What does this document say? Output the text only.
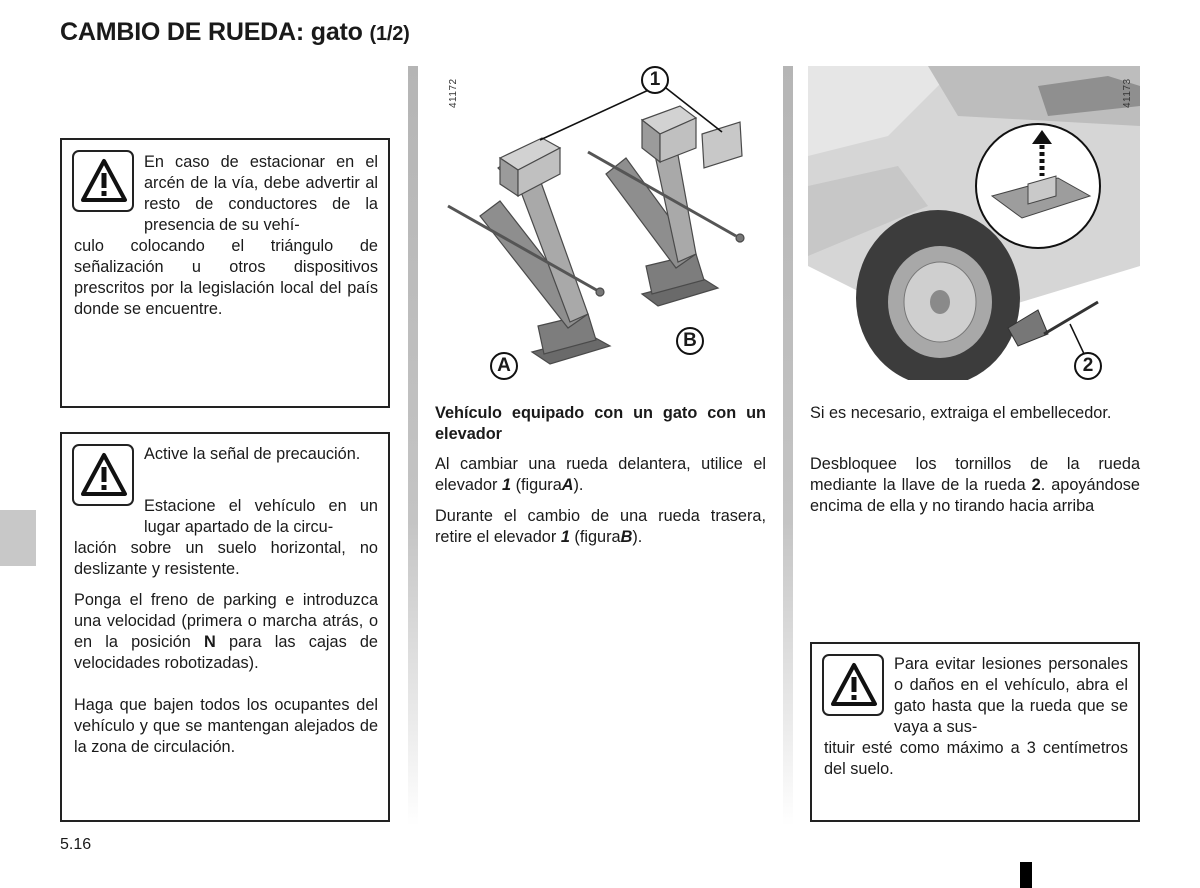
CAMBIO DE RUEDA: gato (1/2)
En caso de estacionar en el arcén de la vía, debe advertir al resto de conductores de la presencia de su vehí-
culo colocando el triángulo de señalización u otros dispositivos prescritos por la legislación local del país donde se encuentre.
Active la señal de precaución.
Estacione el vehículo en un lugar apartado de la circu-
lación sobre un suelo horizontal, no deslizante y resistente.
Ponga el freno de parking e introduzca una velocidad (primera o marcha atrás, o en la posición N para las cajas de velocidades robotizadas).
Haga que bajen todos los ocupantes del vehículo y que se mantengan alejados de la zona de circulación.
41172	1
B
A
41173
2
Vehículo equipado con un gato con un elevador
Al cambiar una rueda delantera, utilice el elevador 1 (figuraA).
Durante el cambio de una rueda trasera, retire el elevador 1 (figuraB).
Si es necesario, extraiga el embellecedor.
Desbloquee los tornillos de la rueda mediante la llave de la rueda 2. apoyándose encima de ella y no tirando hacia arriba
Para evitar lesiones personales o daños en el vehículo, abra el gato hasta que la rueda que se vaya a sus-
tituir esté como máximo a 3 centímetros del suelo.
5.16
